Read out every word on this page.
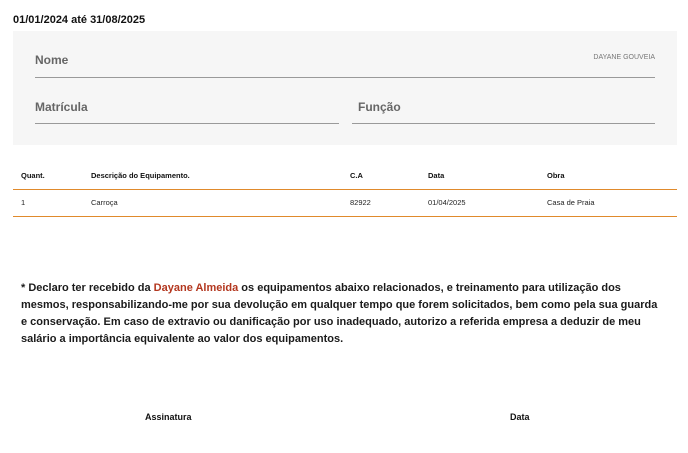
01/01/2024 até 31/08/2025
Nome	DAYANE GOUVEIA
Matrícula	Função
Quant.	Descrição do Equipamento.	C.A	Data	Obra
1	Carroça	82922	01/04/2025	Casa de Praia

* Declaro ter recebido da Dayane Almeida os equipamentos abaixo relacionados, e treinamento para utilização dos mesmos, responsabilizando-me por sua devolução em qualquer tempo que forem solicitados, bem como pela sua guarda e conservação. Em caso de extravio ou danificação por uso inadequado, autorizo a referida empresa a deduzir de meu salário a importância equivalente ao valor dos equipamentos.

Assinatura	Data
